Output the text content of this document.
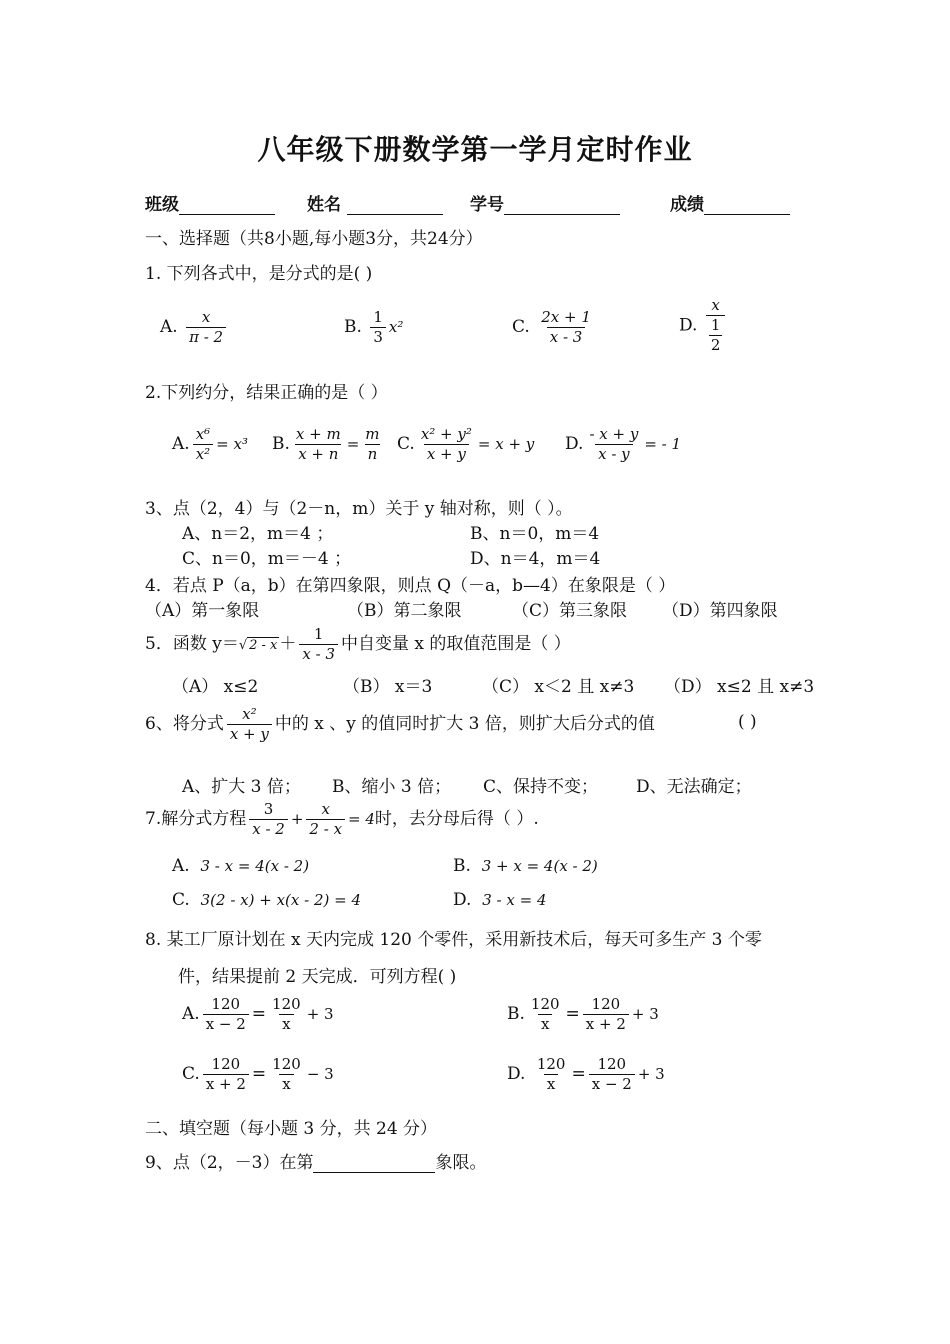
八年级下册数学第一学月定时作业
班级	姓名	学号	成绩
一、选择题（共8小题,每小题3分，共24分）
1. 下列各式中，是分式的是( )
A. $\frac{x}{\pi - 2}$	B. $\frac{1}{3} x^2$	C. $\frac{2x + 1}{x - 3}$	D. $\frac{x}{\frac{1}{2}}$
2.下列约分，结果正确的是（ ）
A. $\frac{\text{x⁶}}{\text{x²}} = x^3$ B. $\frac{x + m}{x + n} = \frac{m}{n} C$. $\frac{\text{x² + y²}}{x + y} = x + y$ D. $\frac{- x + y}{x - y}$ = - 1
3、点（2，4）与（2－n，m）关于 y 轴对称，则（ ）。
A、n＝2，m＝4 ；	B、n＝0，m＝4
C、n＝0，m＝－4 ；	D、n＝4，m＝4
4．若点 P（a，b）在第四象限，则点 Q（－a，b—4）在象限是（ ）
（A）第一象限	（B）第二象限	（C）第三象限 （D）第四象限
5．函数 y＝√ $2 - x + \frac{1}{x - 3}$ 中自变量 x 的取值范围是（ ）
（A） x≤2	（B） x＝3	（C） x＜2 且 x≠3 （D） x≤2 且 x≠3
6、将分式 $\frac{\text{x²}}{x + y}$ 中的 x 、y 的值同时扩大 3 倍，则扩大后分式的值	( )
A、扩大 3 倍； B、缩小 3 倍； C、保持不变； D、无法确定；
7.解分式方程 $\frac{3}{x - 2} + \frac{x}{2 - x} = 4$时，去分母后得（ ）.
A. 3 - x = 4(x - 2)	B. 3 + x = 4(x - 2)
C. 3(2 - x) + x(x - 2) = 4	D. 3 - x = 4
8. 某工厂原计划在 x 天内完成 120 个零件，采用新技术后，每天可多生产 3 个零
件，结果提前 2 天完成．可列方程( )
A. $\frac{120}{x - 2} = \frac{120}{x} + 3$	B. $\frac{120}{x} = \frac{120}{x + 2} + 3$
C. $\frac{120}{x + 2} = \frac{120}{x} - 3$	D. $\frac{120}{x} = \frac{120}{x - 2} + 3$
二、填空题（每小题 3 分，共 24 分）
9、点（2，－3）在第	象限。
